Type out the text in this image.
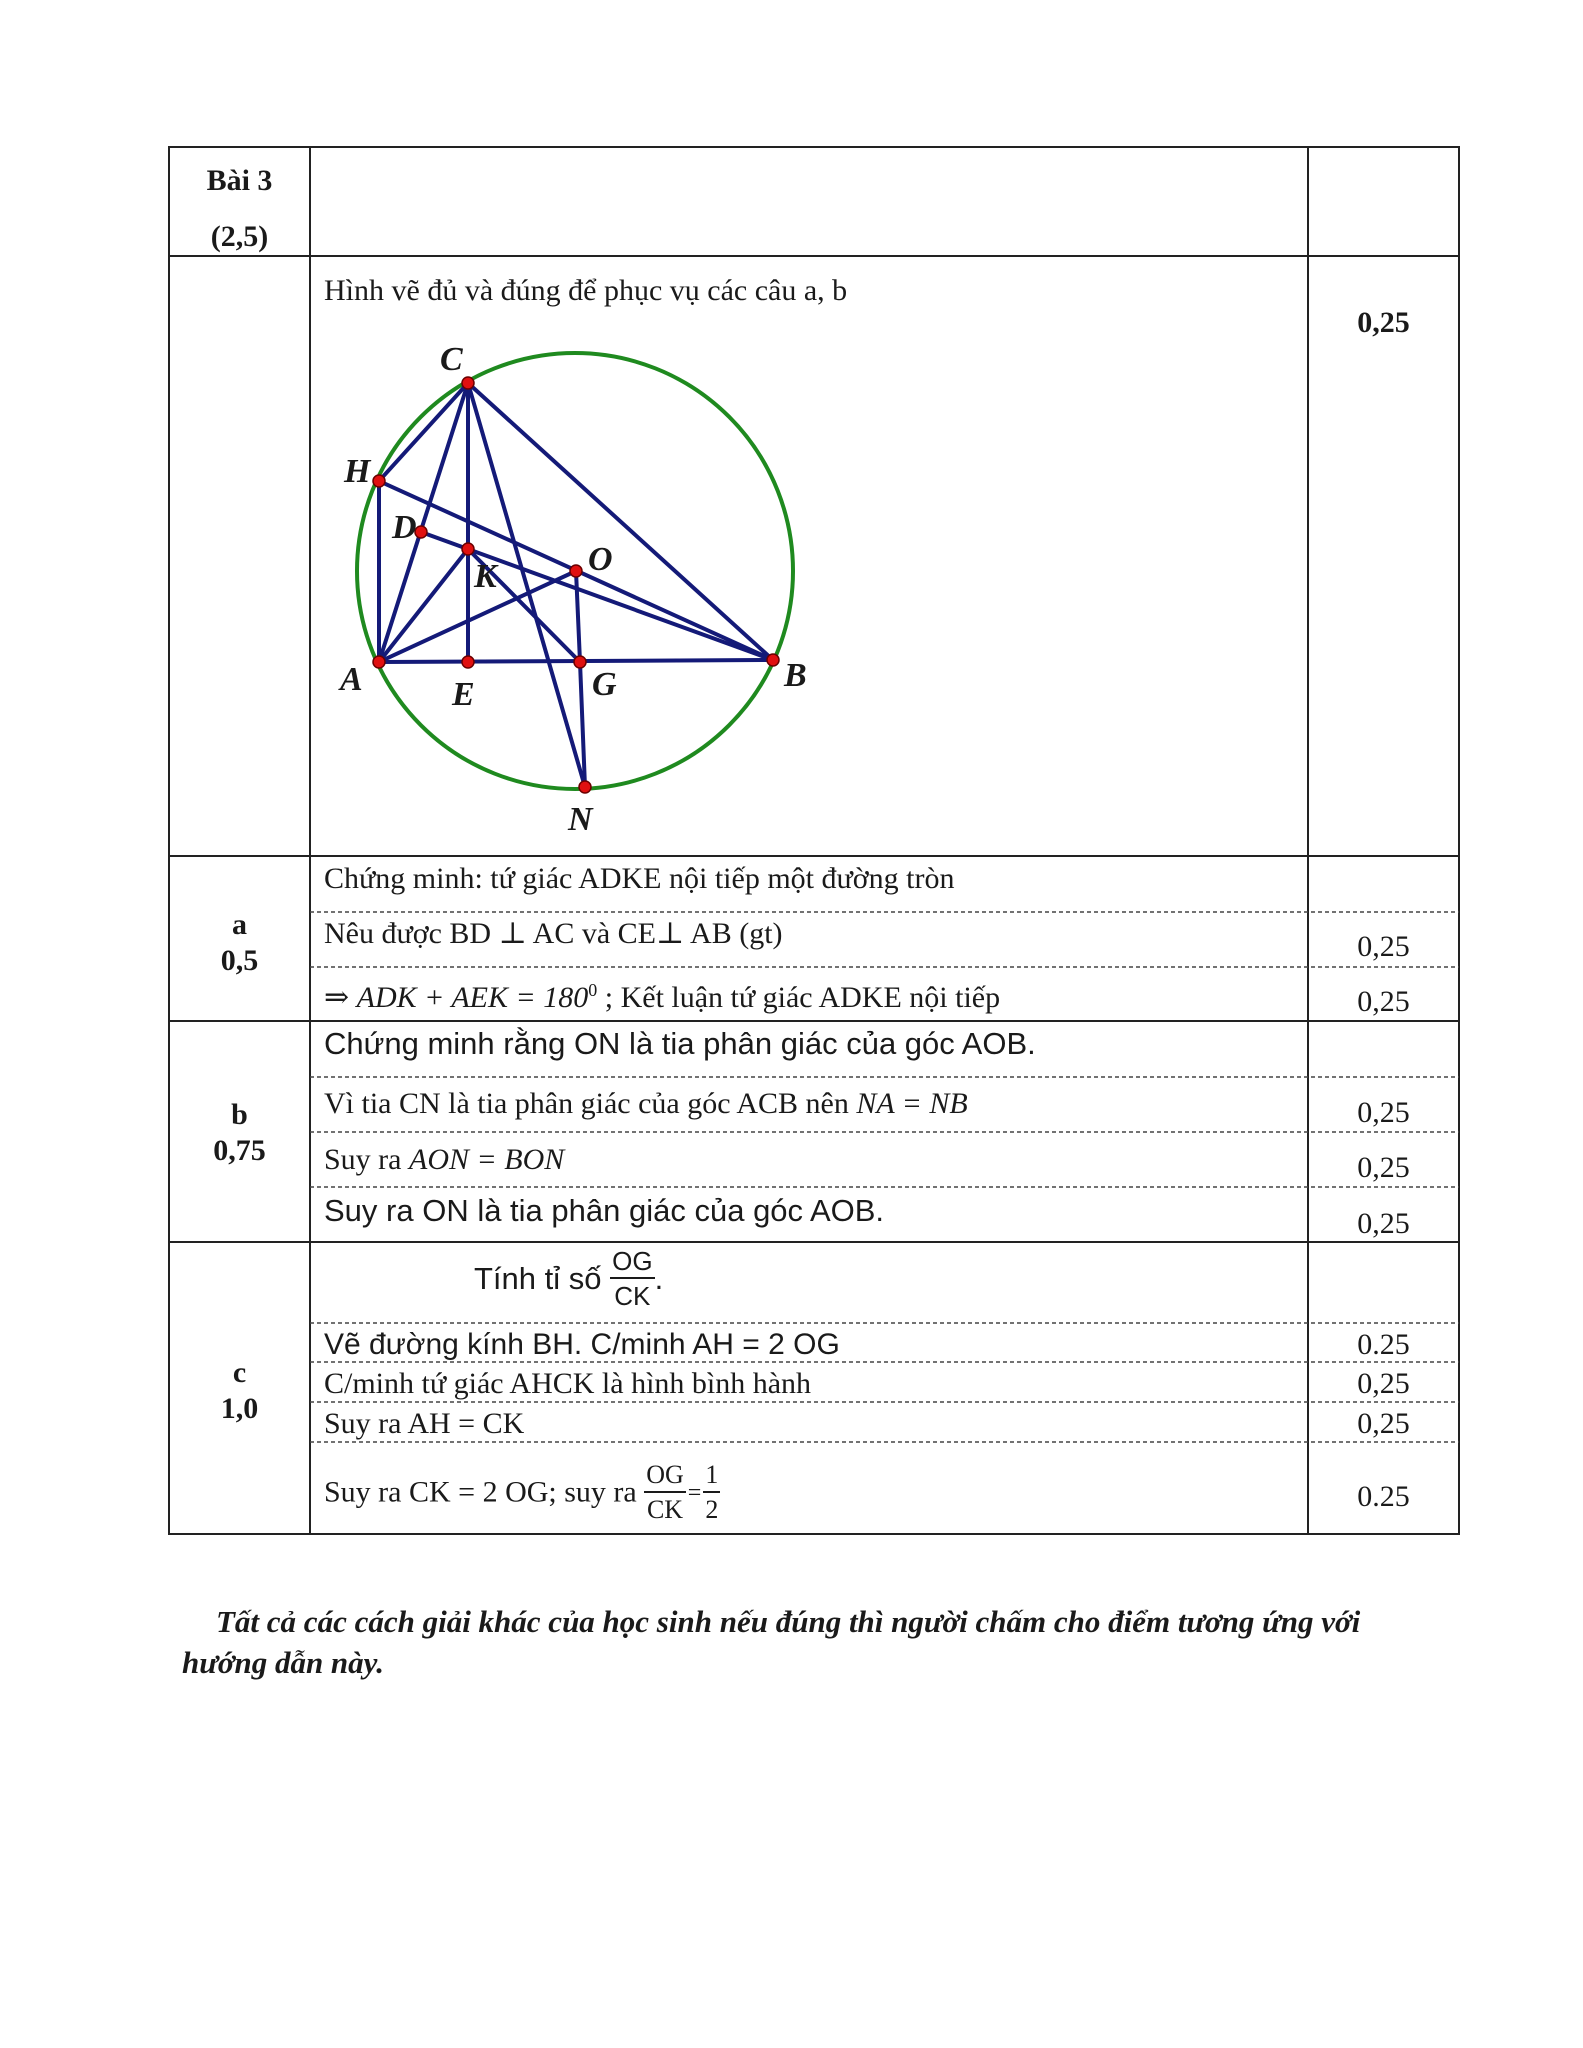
Bài 3
(2,5)
Hình vẽ đủ và đúng để phục vụ các câu a, b
0,25
C
H
D
K	O
A	E	G	B
N
a
0,5
Chứng minh: tứ giác ADKE nội tiếp một đường tròn
Nêu được BD ⊥ AC và CE⊥ AB (gt)	0,25
⇒ ADK + AEK = $180^0$ ; Kết luận tứ giác ADKE nội tiếp	0,25
b
0,75
Chứng minh rằng ON là tia phân giác của góc AOB.
Vì tia CN là tia phân giác của góc ACB nên NA = NB	0,25
Suy ra AON = BON	0,25
Suy ra ON là tia phân giác của góc AOB.	0,25
c
1,0
Tính tỉ số $\frac{OG}{CK}$ .
Vẽ đường kính BH. C/minh AH = 2 OG	0.25
C/minh tứ giác AHCK là hình bình hành	0,25
Suy ra AH = CK	0,25
Suy ra CK = 2 OG; suy ra $\frac{OG}{CK} = \frac{1}{2}$	0.25
Tất cả các cách giải khác của học sinh nếu đúng thì người chấm cho điểm tương ứng với hướng dẫn này.
